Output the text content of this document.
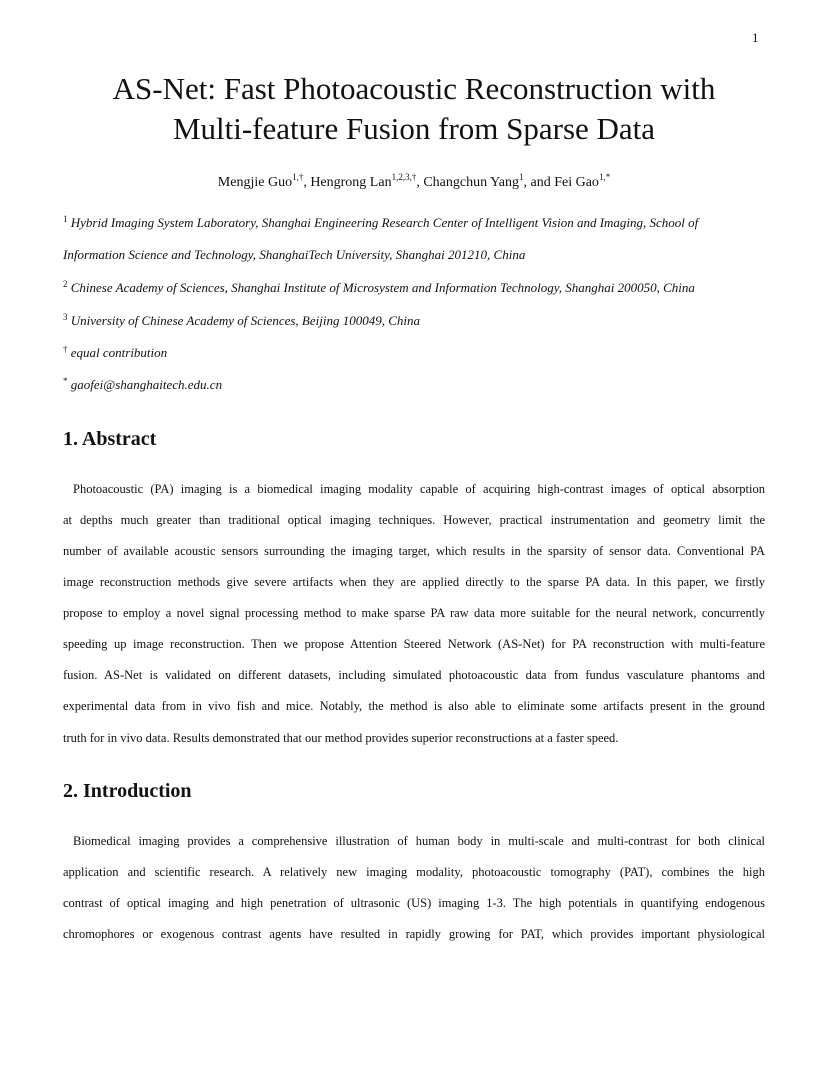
1
AS-Net: Fast Photoacoustic Reconstruction with
Multi-feature Fusion from Sparse Data
Mengjie Guo$^{1,\dagger}$, Hengrong Lan$^{1,2,3,\dagger}$, Changchun Yang$^1$, and Fei Gao$^{1,*}$
$^1$ Hybrid Imaging System Laboratory, Shanghai Engineering Research Center of Intelligent Vision and Imaging, School of
Information Science and Technology, ShanghaiTech University, Shanghai 201210, China
$^2$ Chinese Academy of Sciences, Shanghai Institute of Microsystem and Information Technology, Shanghai 200050, China
$^3$ University of Chinese Academy of Sciences, Beijing 100049, China
† equal contribution
* gaofei@shanghaitech.edu.cn
1. Abstract
Photoacoustic (PA) imaging is a biomedical imaging modality capable of acquiring high-contrast images of optical absorption
at depths much greater than traditional optical imaging techniques. However, practical instrumentation and geometry limit the
number of available acoustic sensors surrounding the imaging target, which results in the sparsity of sensor data. Conventional PA
image reconstruction methods give severe artifacts when they are applied directly to the sparse PA data. In this paper, we firstly
propose to employ a novel signal processing method to make sparse PA raw data more suitable for the neural network, concurrently
speeding up image reconstruction. Then we propose Attention Steered Network (AS-Net) for PA reconstruction with multi-feature
fusion. AS-Net is validated on different datasets, including simulated photoacoustic data from fundus vasculature phantoms and
experimental data from in vivo fish and mice. Notably, the method is also able to eliminate some artifacts present in the ground
truth for in vivo data. Results demonstrated that our method provides superior reconstructions at a faster speed.
2. Introduction
Biomedical imaging provides a comprehensive illustration of human body in multi-scale and multi-contrast for both clinical
application and scientific research. A relatively new imaging modality, photoacoustic tomography (PAT), combines the high
contrast of optical imaging and high penetration of ultrasonic (US) imaging 1-3. The high potentials in quantifying endogenous
chromophores or exogenous contrast agents have resulted in rapidly growing for PAT, which provides important physiological
